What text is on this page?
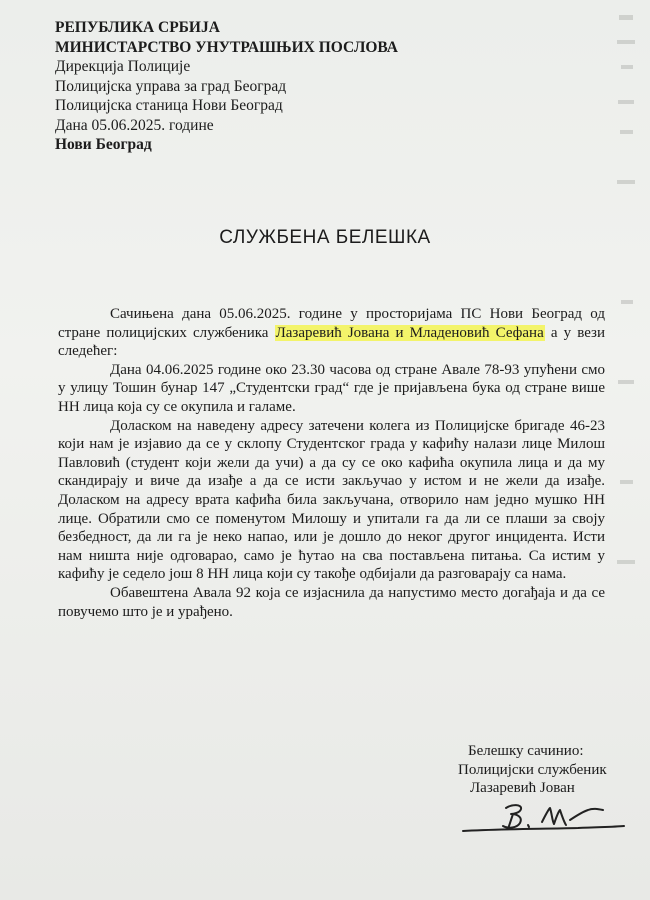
РЕПУБЛИКА СРБИЈА
МИНИСТАРСТВО УНУТРАШЊИХ ПОСЛОВА
Дирекција Полиције
Полицијска управа за град Београд
Полицијска станица Нови Београд
Дана 05.06.2025. године
Нови Београд
СЛУЖБЕНА БЕЛЕШКА

Сачињена дана 05.06.2025. године у просторијама ПС Нови Београд од стране полицијских службеника Лазаревић Јована и Младеновић Сефана а у вези следећег:

Дана 04.06.2025 године око 23.30 часова од стране Авале 78-93 упућени смо у улицу Тошин бунар 147 „Студентски град“ где је пријављена бука од стране више НН лица која су се окупила и галаме.

Доласком на наведену адресу затечени колега из Полицијске бригаде 46-23 који нам је изјавио да се у склопу Студентског града у кафићу налази лице Милош Павловић (студент који жели да учи) а да су се око кафића окупила лица и да му скандирају и виче да изађе а да се исти закључао у истом и не жели да изађе. Доласком на адресу врата кафића била закључана, отворило нам једно мушко НН лице. Обратили смо се поменутом Милошу и упитали га да ли се плаши за своју безбедност, да ли га је неко напао, или је дошло до неког другог инцидента. Исти нам ништа није одговарао, само је ћутао на сва постављена питања. Са истим у кафићу је седело још 8 НН лица који су такође одбијали да разговарају са нама.

Обавештена Авала 92 која се изјаснила да напустимо место догађаја и да се повучемо што је и урађено.

Белешку сачинио:
Полицијски службеник
Лазаревић Јован
